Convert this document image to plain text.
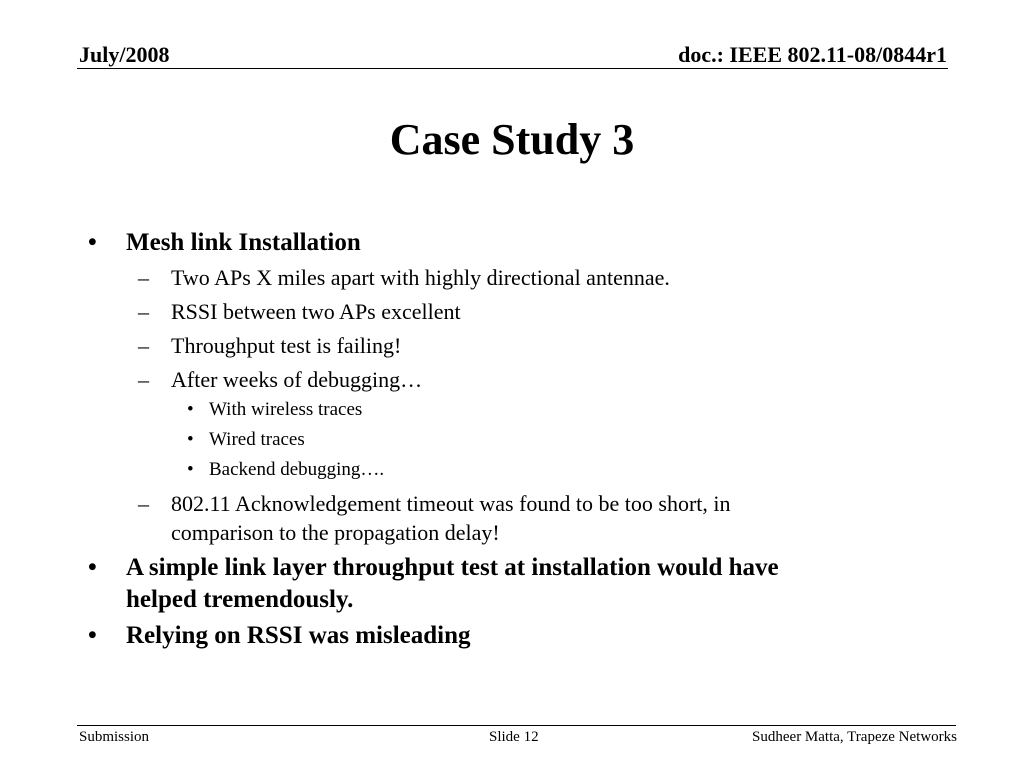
July/2008	doc.: IEEE 802.11-08/0844r1
Case Study 3
• Mesh link Installation
– Two APs X miles apart with highly directional antennae.
– RSSI between two APs excellent
– Throughput test is failing!
– After weeks of debugging…
• With wireless traces
• Wired traces
• Backend debugging….
– 802.11 Acknowledgement timeout was found to be too short, in
comparison to the propagation delay!
• A simple link layer throughput test at installation would have
helped tremendously.
• Relying on RSSI was misleading
Submission	Slide 12	Sudheer Matta, Trapeze Networks
